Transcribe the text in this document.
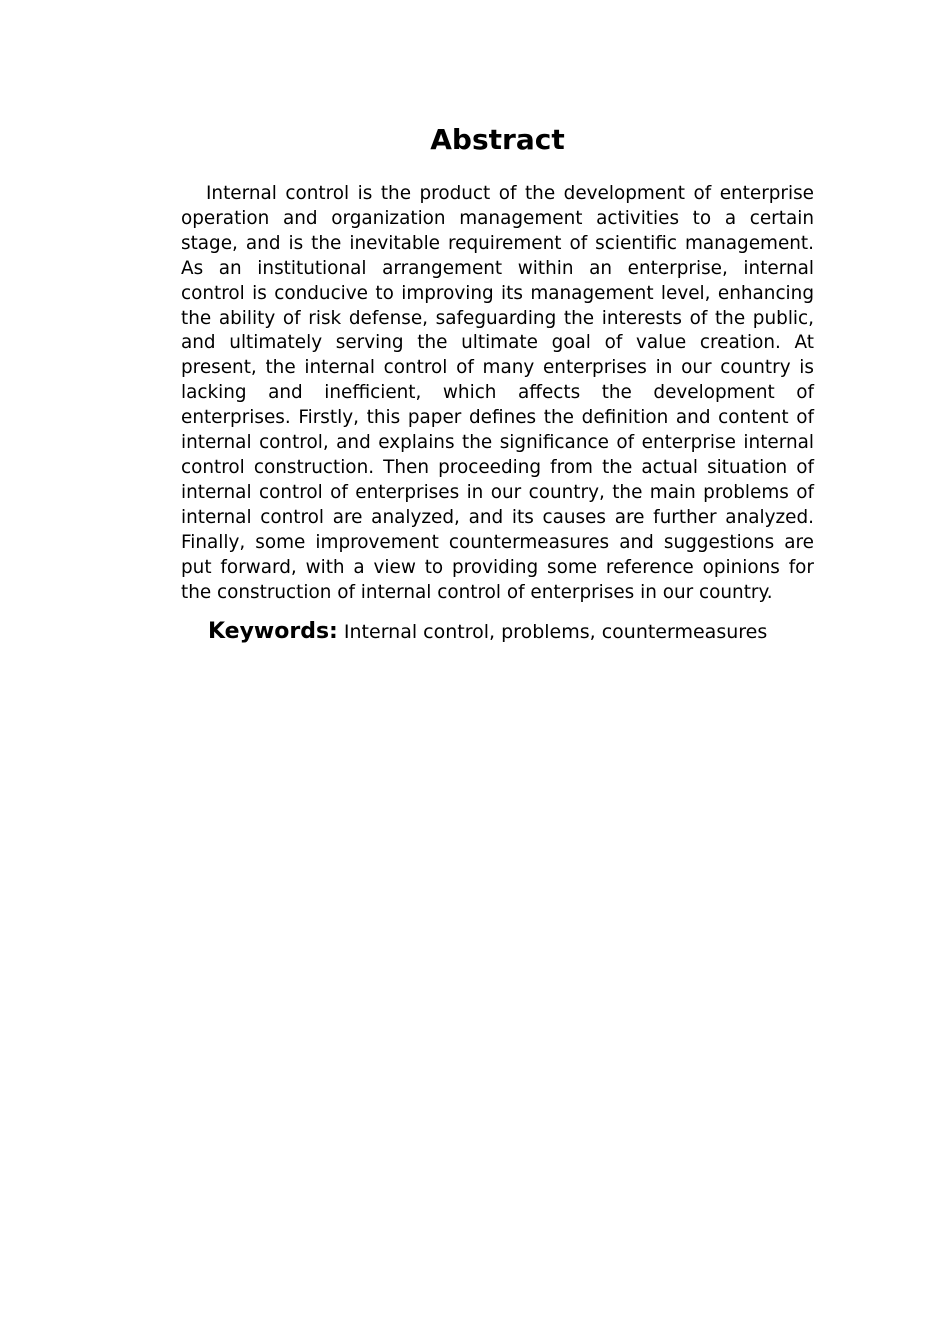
Abstract

Internal control is the product of the development of enterprise operation and organization management activities to a certain stage, and is the inevitable requirement of scientific management. As an institutional arrangement within an enterprise, internal control is conducive to improving its management level, enhancing the ability of risk defense, safeguarding the interests of the public, and ultimately serving the ultimate goal of value creation. At present, the internal control of many enterprises in our country is lacking and inefficient, which affects the development of enterprises. Firstly, this paper defines the definition and content of internal control, and explains the significance of enterprise internal control construction. Then proceeding from the actual situation of internal control of enterprises in our country, the main problems of internal control are analyzed, and its causes are further analyzed. Finally, some improvement countermeasures and suggestions are put forward, with a view to providing some reference opinions for the construction of internal control of enterprises in our country.

Keywords: Internal control, problems, countermeasures
